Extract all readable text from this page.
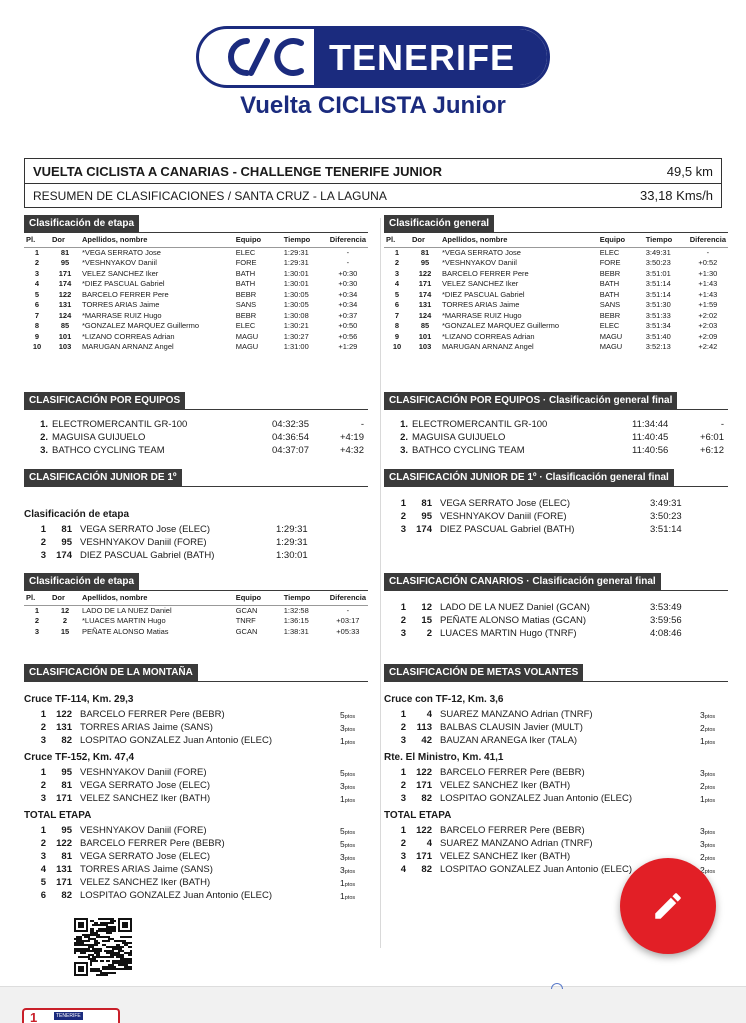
TENERIFE
Vuelta CICLISTA Junior
VUELTA CICLISTA A CANARIAS - CHALLENGE TENERIFE JUNIOR	49,5 km
RESUMEN DE CLASIFICACIONES / SANTA CRUZ - LA LAGUNA	33,18 Kms/h
Clasificación de etapa
Pl.	Dor	Apellidos, nombre	Equipo	Tiempo	Diferencia
1	81	*VEGA SERRATO Jose	ELEC	1:29:31	-
2	95	*VESHNYAKOV Daniil	FORE	1:29:31	-
3	171	VELEZ SANCHEZ Iker	BATH	1:30:01	+0:30
4	174	*DIEZ PASCUAL Gabriel	BATH	1:30:01	+0:30
5	122	BARCELO FERRER Pere	BEBR	1:30:05	+0:34
6	131	TORRES ARIAS Jaime	SANS	1:30:05	+0:34
7	124	*MARRASE RUIZ Hugo	BEBR	1:30:08	+0:37
8	85	*GONZALEZ MARQUEZ Guillermo	ELEC	1:30:21	+0:50
9	101	*LIZANO CORREAS Adrian	MAGU	1:30:27	+0:56
10	103	MARUGAN ARNANZ Angel	MAGU	1:31:00	+1:29
CLASIFICACIÓN POR EQUIPOS
1. ELECTROMERCANTIL GR-100	04:32:35	-
2. MAGUISA GUIJUELO	04:36:54	+4:19
3. BATHCO CYCLING TEAM	04:37:07	+4:32
CLASIFICACIÓN JUNIOR DE 1º
Clasificación de etapa
1	81 VEGA SERRATO Jose (ELEC)	1:29:31
2	95 VESHNYAKOV Daniil (FORE)	1:29:31
3	174 DIEZ PASCUAL Gabriel (BATH)	1:30:01
Clasificación de etapa
Pl.	Dor	Apellidos, nombre	Equipo	Tiempo	Diferencia
1	12	LADO DE LA NUEZ Daniel	GCAN	1:32:58	-
2	2	*LUACES MARTIN Hugo	TNRF	1:36:15	+03:17
3	15	PEÑATE ALONSO Matias	GCAN	1:38:31	+05:33
CLASIFICACIÓN DE LA MONTAÑA
Cruce TF-114, Km. 29,3
1	122 BARCELO FERRER Pere (BEBR)	5ptos
2	131 TORRES ARIAS Jaime (SANS)	3ptos
3	82 LOSPITAO GONZALEZ Juan Antonio (ELEC)	1ptos
Cruce TF-152, Km. 47,4
1	95 VESHNYAKOV Daniil (FORE)	5ptos
2	81 VEGA SERRATO Jose (ELEC)	3ptos
3	171 VELEZ SANCHEZ Iker (BATH)	1ptos
TOTAL ETAPA
1	95 VESHNYAKOV Daniil (FORE)	5ptos
2	122 BARCELO FERRER Pere (BEBR)	5ptos
3	81 VEGA SERRATO Jose (ELEC)	3ptos
4	131 TORRES ARIAS Jaime (SANS)	3ptos
5	171 VELEZ SANCHEZ Iker (BATH)	1ptos
6	82 LOSPITAO GONZALEZ Juan Antonio (ELEC)	1ptos
Clasificación general
Pl.	Dor	Apellidos, nombre	Equipo	Tiempo	Diferencia
1	81	*VEGA SERRATO Jose	ELEC	3:49:31	-
2	95	*VESHNYAKOV Daniil	FORE	3:50:23	+0:52
3	122	BARCELO FERRER Pere	BEBR	3:51:01	+1:30
4	171	VELEZ SANCHEZ Iker	BATH	3:51:14	+1:43
5	174	*DIEZ PASCUAL Gabriel	BATH	3:51:14	+1:43
6	131	TORRES ARIAS Jaime	SANS	3:51:30	+1:59
7	124	*MARRASE RUIZ Hugo	BEBR	3:51:33	+2:02
8	85	*GONZALEZ MARQUEZ Guillermo	ELEC	3:51:34	+2:03
9	101	*LIZANO CORREAS Adrian	MAGU	3:51:40	+2:09
10	103	MARUGAN ARNANZ Angel	MAGU	3:52:13	+2:42
CLASIFICACIÓN POR EQUIPOS · Clasificación general final
1. ELECTROMERCANTIL GR-100	11:34:44	-
2. MAGUISA GUIJUELO	11:40:45	+6:01
3. BATHCO CYCLING TEAM	11:40:56	+6:12
CLASIFICACIÓN JUNIOR DE 1º · Clasificación general final
1	81 VEGA SERRATO Jose (ELEC)	3:49:31
2	95 VESHNYAKOV Daniil (FORE)	3:50:23
3	174 DIEZ PASCUAL Gabriel (BATH)	3:51:14
CLASIFICACIÓN CANARIOS · Clasificación general final
1	12 LADO DE LA NUEZ Daniel (GCAN)	3:53:49
2	15 PEÑATE ALONSO Matias (GCAN)	3:59:56
3	2 LUACES MARTIN Hugo (TNRF)	4:08:46
CLASIFICACIÓN DE METAS VOLANTES
Cruce con TF-12, Km. 3,6
1	4 SUAREZ MANZANO Adrian (TNRF)	3ptos
2	113 BALBAS CLAUSIN Javier (MULT)	2ptos
3	42 BAUZAN ARANEGA Iker (TALA)	1ptos
Rte. El Ministro, Km. 41,1
1	122 BARCELO FERRER Pere (BEBR)	3ptos
2	171 VELEZ SANCHEZ Iker (BATH)	2ptos
3	82 LOSPITAO GONZALEZ Juan Antonio (ELEC)	1ptos
TOTAL ETAPA
1	122 BARCELO FERRER Pere (BEBR)	3ptos
2	4 SUAREZ MANZANO Adrian (TNRF)	3ptos
3	171 VELEZ SANCHEZ Iker (BATH)	2ptos
4	82 LOSPITAO GONZALEZ Juan Antonio (ELEC)	2ptos
1	TENERIFE
